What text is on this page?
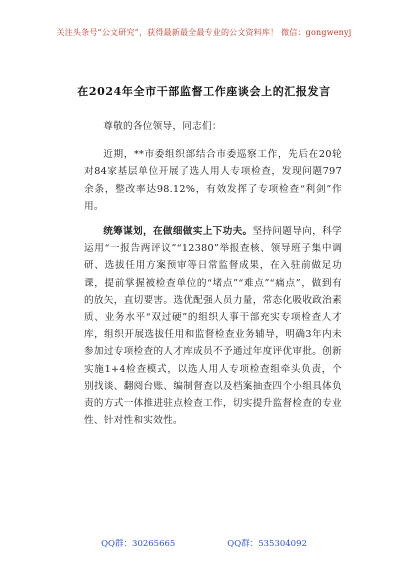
关注头条号“公文研究”，获得最新最全最专业的公文资料库！ 微信：gongwenyj
在2024年全市干部监督工作座谈会上的汇报发言

尊敬的各位领导，同志们：

近期，**市委组织部结合市委巡察工作，先后在20轮对84家基层单位开展了选人用人专项检查，发现问题797余条，整改率达98.12%，有效发挥了专项检查“利剑”作用。

统筹谋划，在做细做实上下功夫。坚持问题导向，科学运用“一报告两评议”“12380”举报查核、领导班子集中调研、选拔任用方案预审等日常监督成果，在入驻前做足功课，提前掌握被检查单位的“堵点”“难点”“痛点”，做到有的放矢，直切要害。选优配强人员力量，常态化吸收政治素质、业务水平“双过硬”的组织人事干部充实专项检查人才库，组织开展选拔任用和监督检查业务辅导，明确3年内未参加过专项检查的人才库成员不予通过年度评优审批。创新实施1+4检查模式，以选人用人专项检查组牵头负责，个别找谈、翻阅台账、编制督查以及档案抽查四个小组具体负责的方式一体推进驻点检查工作，切实提升监督检查的专业性、针对性和实效性。

QQ群：30265665	QQ群：535304092
